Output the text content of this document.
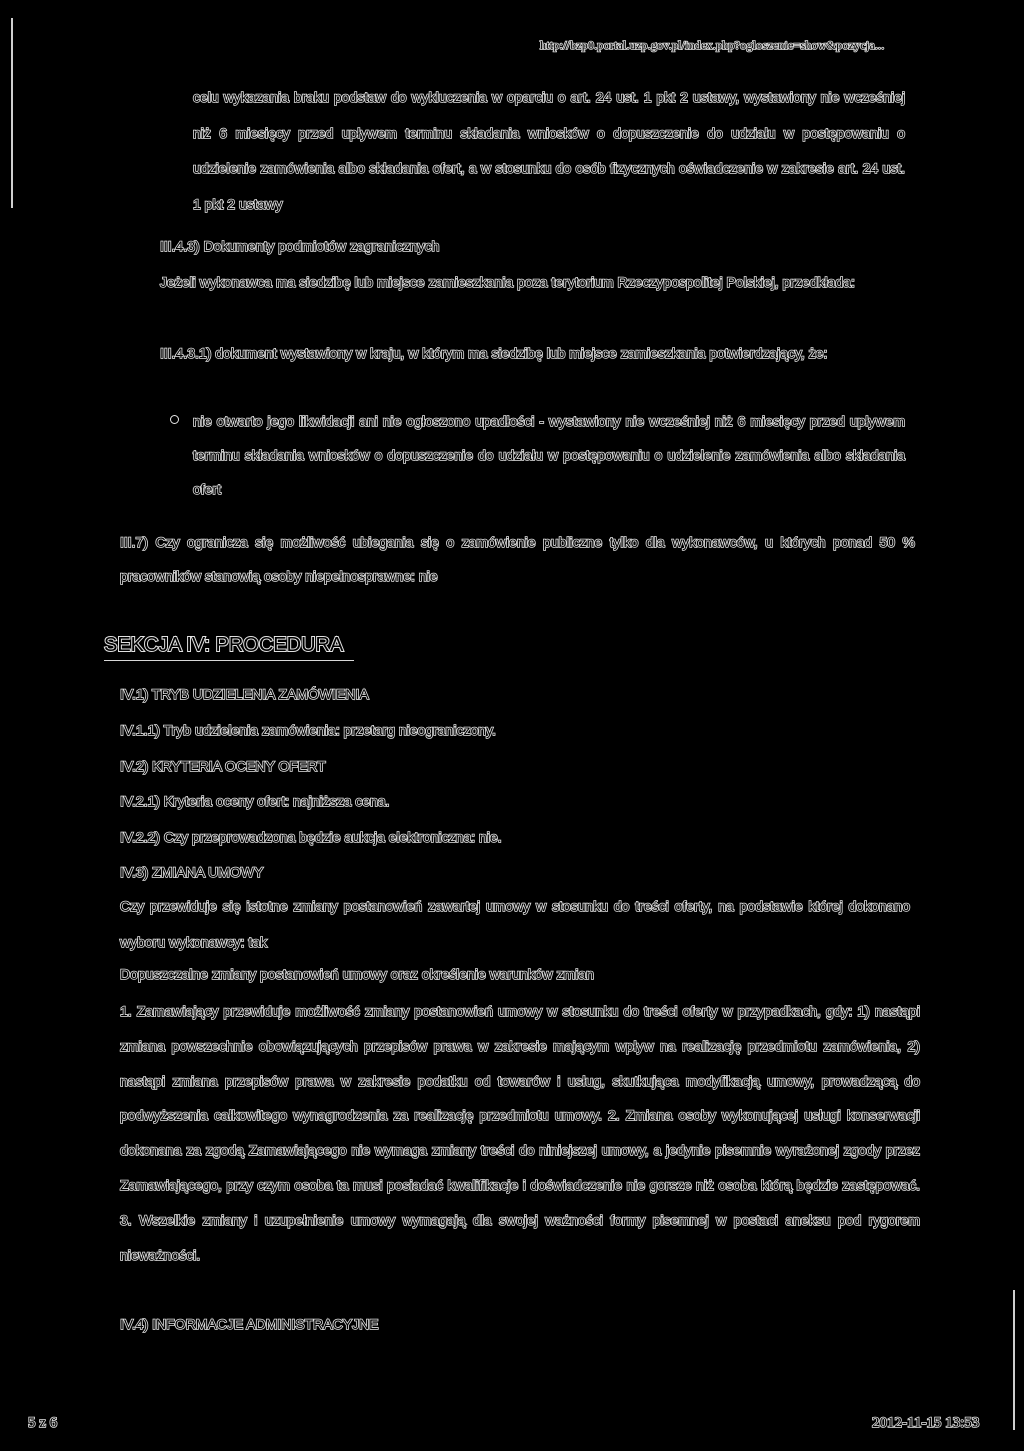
http://bzp0.portal.uzp.gov.pl/index.php?ogloszenie=show&pozycja...

celu wykazania braku podstaw do wykluczenia w oparciu o art. 24 ust. 1 pkt 2 ustawy, wystawiony nie wcześniej niż 6 miesięcy przed upływem terminu składania wniosków o dopuszczenie do udziału w postępowaniu o udzielenie zamówienia albo składania ofert, a w stosunku do osób fizycznych oświadczenie w zakresie art. 24 ust. 1 pkt 2 ustawy

III.4.3) Dokumenty podmiotów zagranicznych

Jeżeli wykonawca ma siedzibę lub miejsce zamieszkania poza terytorium Rzeczypospolitej Polskiej, przedkłada:

III.4.3.1) dokument wystawiony w kraju, w którym ma siedzibę lub miejsce zamieszkania potwierdzający, że:

nie otwarto jego likwidacji ani nie ogłoszono upadłości - wystawiony nie wcześniej niż 6 miesięcy przed upływem terminu składania wniosków o dopuszczenie do udziału w postępowaniu o udzielenie zamówienia albo składania ofert

III.7) Czy ogranicza się możliwość ubiegania się o zamówienie publiczne tylko dla wykonawców, u których ponad 50 % pracowników stanowią osoby niepełnosprawne: nie

SEKCJA IV: PROCEDURA

IV.1) TRYB UDZIELENIA ZAMÓWIENIA

IV.1.1) Tryb udzielenia zamówienia: przetarg nieograniczony.

IV.2) KRYTERIA OCENY OFERT

IV.2.1) Kryteria oceny ofert: najniższa cena.

IV.2.2) Czy przeprowadzona będzie aukcja elektroniczna: nie.

IV.3) ZMIANA UMOWY

Czy przewiduje się istotne zmiany postanowień zawartej umowy w stosunku do treści oferty, na podstawie której dokonano wyboru wykonawcy: tak

Dopuszczalne zmiany postanowień umowy oraz określenie warunków zmian

1. Zamawiający przewiduje możliwość zmiany postanowień umowy w stosunku do treści oferty w przypadkach, gdy: 1) nastąpi zmiana powszechnie obowiązujących przepisów prawa w zakresie mającym wpływ na realizację przedmiotu zamówienia, 2) nastąpi zmiana przepisów prawa w zakresie podatku od towarów i usług, skutkująca modyfikacją umowy, prowadzącą do podwyższenia całkowitego wynagrodzenia za realizację przedmiotu umowy. 2. Zmiana osoby wykonującej usługi konserwacji dokonana za zgodą Zamawiającego nie wymaga zmiany treści do niniejszej umowy, a jedynie pisemnie wyrażonej zgody przez Zamawiającego, przy czym osoba ta musi posiadać kwalifikacje i doświadczenie nie gorsze niż osoba którą będzie zastępować. 3. Wszelkie zmiany i uzupełnienie umowy wymagają dla swojej ważności formy pisemnej w postaci aneksu pod rygorem nieważności.

IV.4) INFORMACJE ADMINISTRACYJNE

5 z 6	2012-11-15 13:53
